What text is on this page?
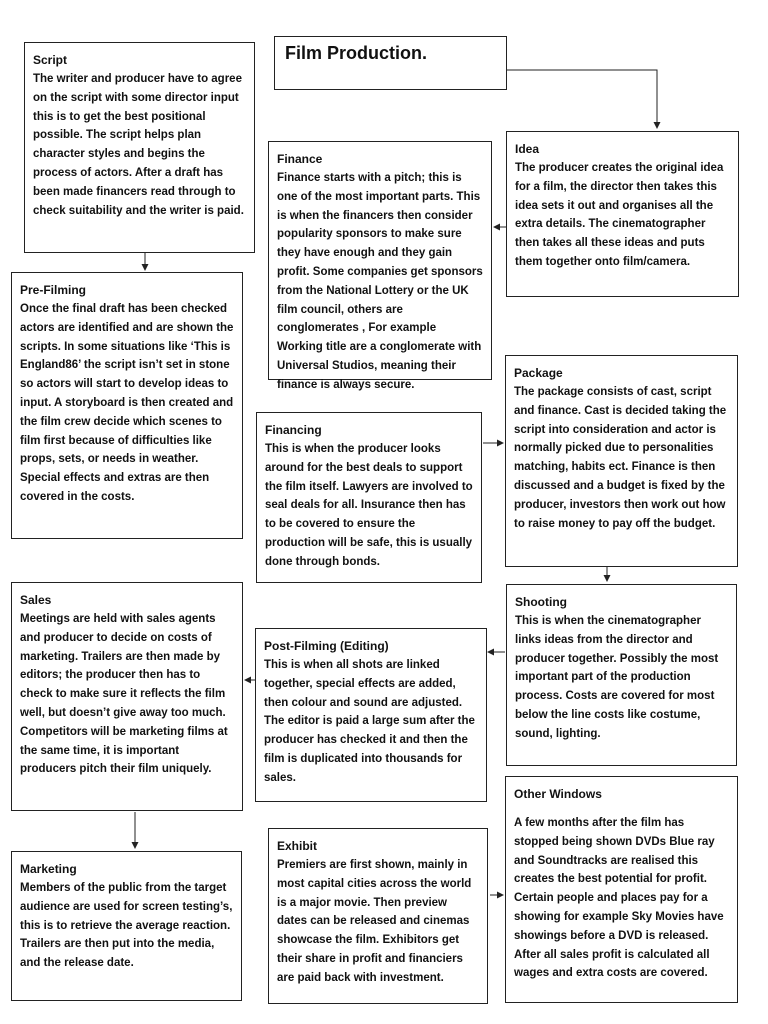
Film Production.
Script

The writer and producer have to agree on the script with some director input this is to get the best positional possible. The script helps plan character styles and begins the process of actors. After a draft has been made financers read through to check suitability and the writer is paid.

Idea

The producer creates the original idea for a film, the director then takes this idea sets it out and organises all the extra details. The cinematographer then takes all these ideas and puts them together onto film/camera.

Finance

Finance starts with a pitch; this is one of the most important parts. This is when the financers then consider popularity sponsors to make sure they have enough and they gain profit. Some companies get sponsors from the National Lottery or the UK film council, others are conglomerates , For example Working title are a conglomerate with Universal Studios, meaning their finance is always secure.

Pre-Filming

Once the final draft has been checked actors are identified and are shown the scripts. In some situations like ‘This is England86’ the script isn’t set in stone so actors will start to develop ideas to input. A storyboard is then created and the film crew decide which scenes to film first because of difficulties like props, sets, or needs in weather. Special effects and extras are then covered in the costs.

Package

The package consists of cast, script and finance. Cast is decided taking the script into consideration and actor is normally picked due to personalities matching, habits ect. Finance is then discussed and a budget is fixed by the producer, investors then work out how to raise money to pay off the budget.

Financing

This is when the producer looks around for the best deals to support the film itself. Lawyers are involved to seal deals for all. Insurance then has to be covered to ensure the production will be safe, this is usually done through bonds.

Sales

Meetings are held with sales agents and producer to decide on costs of marketing. Trailers are then made by editors; the producer then has to check to make sure it reflects the film well, but doesn’t give away too much. Competitors will be marketing films at the same time, it is important producers pitch their film uniquely.

Shooting

This is when the cinematographer links ideas from the director and producer together. Possibly the most important part of the production process. Costs are covered for most below the line costs like costume, sound, lighting.

Post-Filming (Editing)

This is when all shots are linked together, special effects are added, then colour and sound are adjusted. The editor is paid a large sum after the producer has checked it and then the film is duplicated into thousands for sales.

Other Windows

A few months after the film has stopped being shown DVDs Blue ray and Soundtracks are realised this creates the best potential for profit. Certain people and places pay for a showing for example Sky Movies have showings before a DVD is released. After all sales profit is calculated all wages and extra costs are covered.

Marketing

Members of the public from the target audience are used for screen testing’s, this is to retrieve the average reaction. Trailers are then put into the media, and the release date.

Exhibit

Premiers are first shown, mainly in most capital cities across the world is a major movie. Then preview dates can be released and cinemas showcase the film. Exhibitors get their share in profit and financiers are paid back with investment.
